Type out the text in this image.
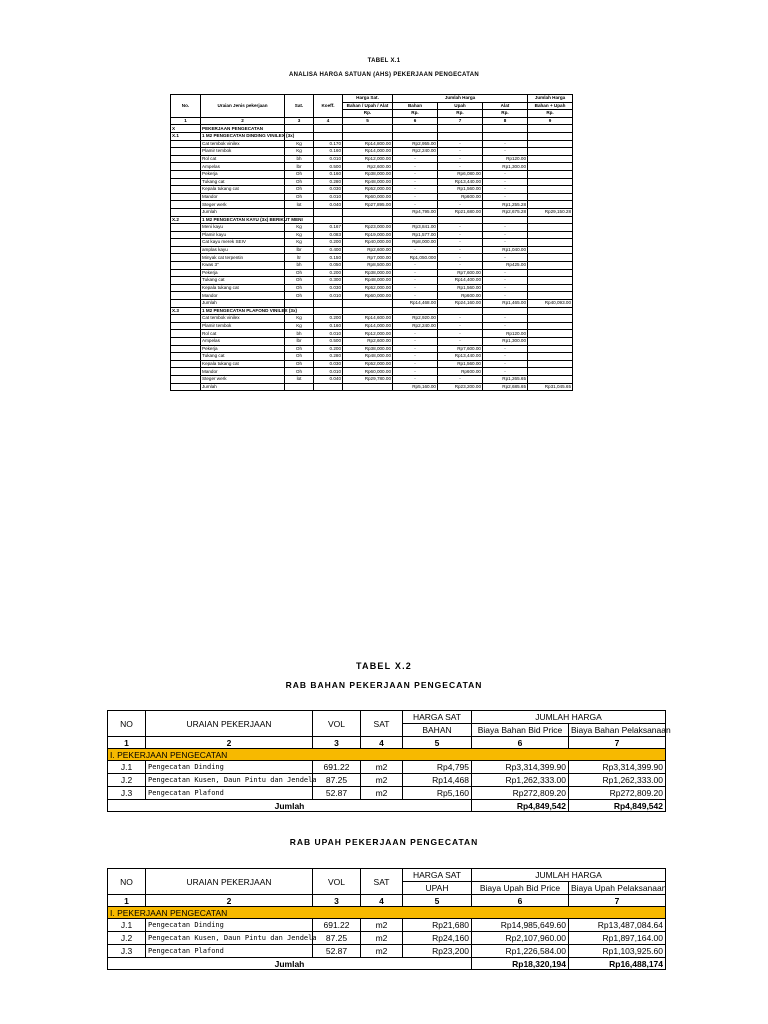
TABEL X.1
ANALISA HARGA SATUAN (AHS) PEKERJAAN PENGECATAN
No.	Uraian Jenis pekerjaan	Sat.	Koeff.	Harga Sat.	Jumlah Harga			Jumlah Harga
				Bahan / Upah / Alat	Bahan	Upah	Alat	Bahan + Upah
				Rp.	Rp.	Rp.	Rp.	Rp.
1	2	3	4	5	6	7	8	9
X	PEKERJAAN PENGECATAN							
X.1	1 M2 PENGECATAN DINDING VINILEX (3x)							
	Cat tembok vinilex	Kg	0.170	Rp14,800.00	Rp2,955.00	-	-	
	Plamir tembok	Kg	0.160	Rp14,000.00	Rp2,240.00	-	-	
	Rol cat	bh	0.010	Rp12,000.00	-	-	Rp120.00	
	Ampelas	lbr	0.500	Rp2,600.00	-	-	Rp1,300.00	
	Pekerja	Oh	0.160	Rp38,000.00	-	Rp6,080.00	-	
	Tukang cat	Oh	0.280	Rp48,000.00	-	Rp13,440.00	-	
	Kepala tukang cat	Oh	0.030	Rp52,000.00	-	Rp1,560.00	-	
	Mandor	Oh	0.010	Rp60,000.00	-	Rp600.00	-	
	Steger werk	lot	0.040	Rp27,895.00	-	-	Rp1,255.28	
	Jumlah				Rp4,795.00	Rp21,680.00	Rp2,675.28	Rp29,150.28
X.2	1 M2 PENGECATAN KAYU (3x) BERIKUT MENI							
	Meni kayu	Kg	0.167	Rp23,000.00	Rp3,841.00	-	-	
	Plamir kayu	Kg	0.083	Rp19,000.00	Rp1,577.00	-	-	
	Cat kayu merek SEIV	Kg	0.200	Rp40,000.00	Rp8,000.00	-	-	
	amplas kayu	lbr	0.400	Rp2,600.00	-	-	Rp1,040.00	
	Minyak cat terpentin	ltr	0.150	Rp7,000.00	Rp1,050.000	-	-	
	Kwas 3"	bh	0.050	Rp8,500.00	-	-	Rp425.00	
	Pekerja	Oh	0.200	Rp38,000.00	-	Rp7,600.00	-	
	Tukang cat	Oh	0.300	Rp48,000.00	-	Rp14,400.00	-	
	Kepala tukang cat	Oh	0.030	Rp52,000.00	-	Rp1,560.00	-	
	Mandor	Oh	0.010	Rp60,000.00	-	Rp600.00	-	
	Jumlah				Rp14,468.00	Rp24,160.00	Rp1,465.00	Rp40,093.00
X.3	1 M2 PENGECATAN PLAFOND VINILEX (3x)							
	Cat tembok vinilex	Kg	0.200	Rp14,600.00	Rp2,920.00	-	-	
	Plamir tembok	Kg	0.160	Rp14,000.00	Rp2,240.00	-	-	
	Rol cat	bh	0.010	Rp12,000.00	-	-	Rp120.00	
	Ampelas	lbr	0.500	Rp2,600.00	-	-	Rp1,300.00	
	Pekerja	Oh	0.200	Rp38,000.00	-	Rp7,600.00	-	
	Tukang cat	Oh	0.280	Rp48,000.00	-	Rp13,440.00	-	
	Kepala tukang cat	Oh	0.030	Rp52,000.00	-	Rp1,560.00	-	
	Mandor	Oh	0.010	Rp60,000.00	-	Rp600.00	-	
	Steger werk	lot	0.040	Rp29,780.00	-	-	Rp1,265.65	
	Jumlah				Rp5,160.00	Rp23,200.00	Rp2,685.65	Rp31,045.65
TABEL X.2
RAB BAHAN PEKERJAAN PENGECATAN
NO	URAIAN PEKERJAAN	VOL	SAT	HARGA SAT	JUMLAH HARGA	
				BAHAN	Biaya Bahan Bid Price	Biaya Bahan Pelaksanaan
1	2	3	4	5	6	7
I. PEKERJAAN PENGECATAN						
J.1	Pengecatan Dinding	691.22	m2	Rp4,795	Rp3,314,399.90	Rp3,314,399.90
J.2	Pengecatan Kusen, Daun Pintu dan Jendela	87.25	m2	Rp14,468	Rp1,262,333.00	Rp1,262,333.00
J.3	Pengecatan Plafond	52.87	m2	Rp5,160	Rp272,809.20	Rp272,809.20
Jumlah					Rp4,849,542	Rp4,849,542
RAB UPAH PEKERJAAN PENGECATAN
NO	URAIAN PEKERJAAN	VOL	SAT	HARGA SAT	JUMLAH HARGA	
				UPAH	Biaya Upah Bid Price	Biaya Upah Pelaksanaan
1	2	3	4	5	6	7
I. PEKERJAAN PENGECATAN						
J.1	Pengecatan Dinding	691.22	m2	Rp21,680	Rp14,985,649.60	Rp13,487,084.64
J.2	Pengecatan Kusen, Daun Pintu dan Jendela	87.25	m2	Rp24,160	Rp2,107,960.00	Rp1,897,164.00
J.3	Pengecatan Plafond	52.87	m2	Rp23,200	Rp1,226,584.00	Rp1,103,925.60
Jumlah					Rp18,320,194	Rp16,488,174
